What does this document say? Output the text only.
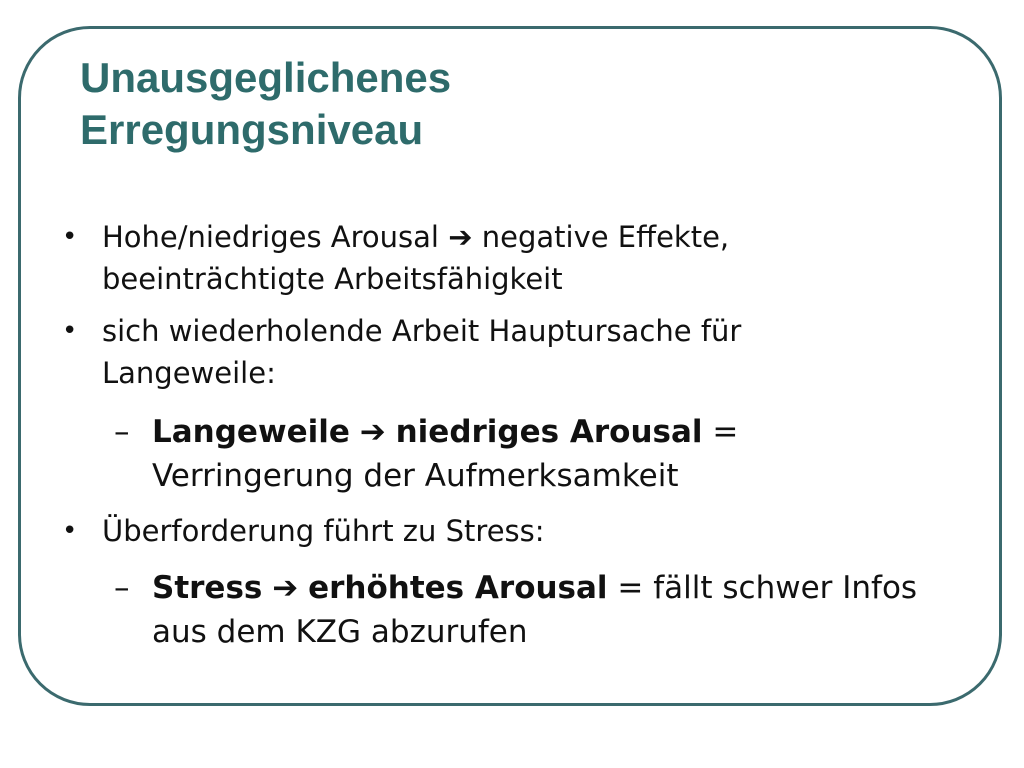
Unausgeglichenes
Erregungsniveau
• Hohe/niedriges Arousal ➔ negative Effekte,
beeinträchtigte Arbeitsfähigkeit
• sich wiederholende Arbeit Hauptursache für
Langeweile:
– Langeweile ➔ niedriges Arousal =
Verringerung der Aufmerksamkeit
• Überforderung führt zu Stress:
– Stress ➔ erhöhtes Arousal = fällt schwer Infos
aus dem KZG abzurufen
